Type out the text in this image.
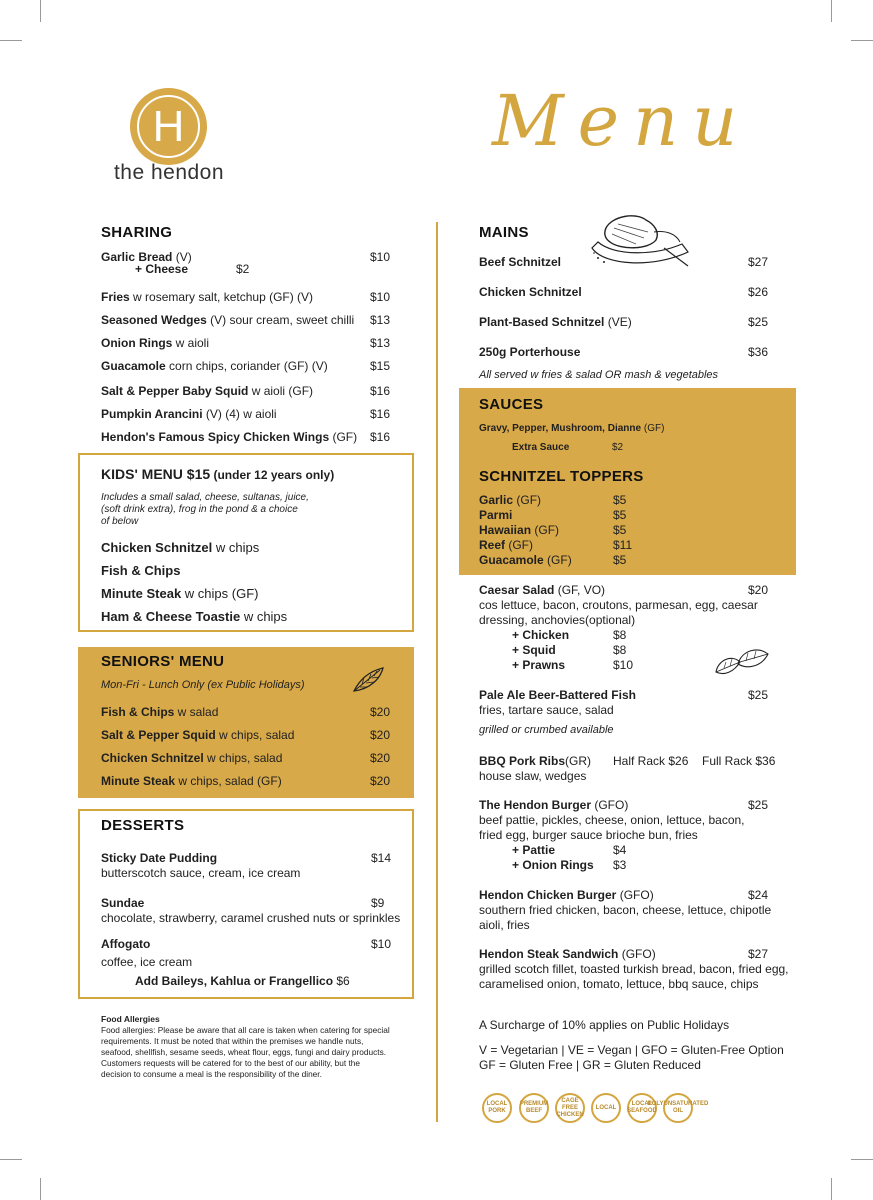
H
the hendon
Menu
SHARING
Garlic Bread (V)	$10
+ Cheese	$2
Fries w rosemary salt, ketchup (GF) (V)	$10
Seasoned Wedges (V) sour cream, sweet chilli $13
Onion Rings w aioli	$13
Guacamole corn chips, coriander (GF) (V)	$15
Salt & Pepper Baby Squid w aioli (GF)	$16
Pumpkin Arancini (V) (4) w aioli	$16
Hendon's Famous Spicy Chicken Wings (GF) $16
KIDS' MENU $15 (under 12 years only)
Includes a small salad, cheese, sultanas, juice,
(soft drink extra), frog in the pond & a choice
of below
Chicken Schnitzel w chips
Fish & Chips
Minute Steak w chips (GF)
Ham & Cheese Toastie w chips
SENIORS' MENU
Mon-Fri - Lunch Only (ex Public Holidays)
Fish & Chips w salad	$20
Salt & Pepper Squid w chips, salad	$20
Chicken Schnitzel w chips, salad	$20
Minute Steak w chips, salad (GF)	$20
DESSERTS
Sticky Date Pudding	$14
butterscotch sauce, cream, ice cream
Sundae	$9
chocolate, strawberry, caramel crushed nuts or sprinkles
Affogato	$10
coffee, ice cream
Add Baileys, Kahlua or Frangellico $6
Food Allergies
Food allergies: Please be aware that all care is taken when catering for special requirements. It must be noted that within the premises we handle nuts, seafood, shellfish, sesame seeds, wheat flour, eggs, fungi and dairy products. Customers requests will be catered for to the best of our ability, but the decision to consume a meal is the responsibility of the diner.
MAINS
Beef Schnitzel	$27
Chicken Schnitzel	$26
Plant-Based Schnitzel (VE)	$25
250g Porterhouse	$36
All served w fries & salad OR mash & vegetables
SAUCES
Gravy, Pepper, Mushroom, Dianne (GF)
Extra Sauce	$2
SCHNITZEL TOPPERS
Garlic (GF)	$5
Parmi	$5
Hawaiian (GF)	$5
Reef (GF)	$11
Guacamole (GF)	$5
Caesar Salad (GF, VO)	$20
cos lettuce, bacon, croutons, parmesan, egg, caesar
dressing, anchovies(optional)
+ Chicken	$8
+ Squid	$8
+ Prawns	$10
Pale Ale Beer-Battered Fish	$25
fries, tartare sauce, salad
grilled or crumbed available
BBQ Pork Ribs(GR) Half Rack $26 Full Rack $36
house slaw, wedges
The Hendon Burger (GFO)	$25
beef pattie, pickles, cheese, onion, lettuce, bacon,
fried egg, burger sauce brioche bun, fries
+ Pattie	$4
+ Onion Rings $3
Hendon Chicken Burger (GFO)	$24
southern fried chicken, bacon, cheese, lettuce, chipotle
aioli, fries
Hendon Steak Sandwich (GFO)	$27
grilled scotch fillet, toasted turkish bread, bacon, fried egg,
caramelised onion, tomato, lettuce, bbq sauce, chips
A Surcharge of 10% applies on Public Holidays
V = Vegetarian | VE = Vegan | GFO = Gluten-Free Option
GF = Gluten Free | GR = Gluten Reduced
LOCAL PORK
PREMIUM BEEF
CAGE FREE CHICKEN
LOCAL
LOCAL SEAFOOD
POLYUNSATURATED OIL
